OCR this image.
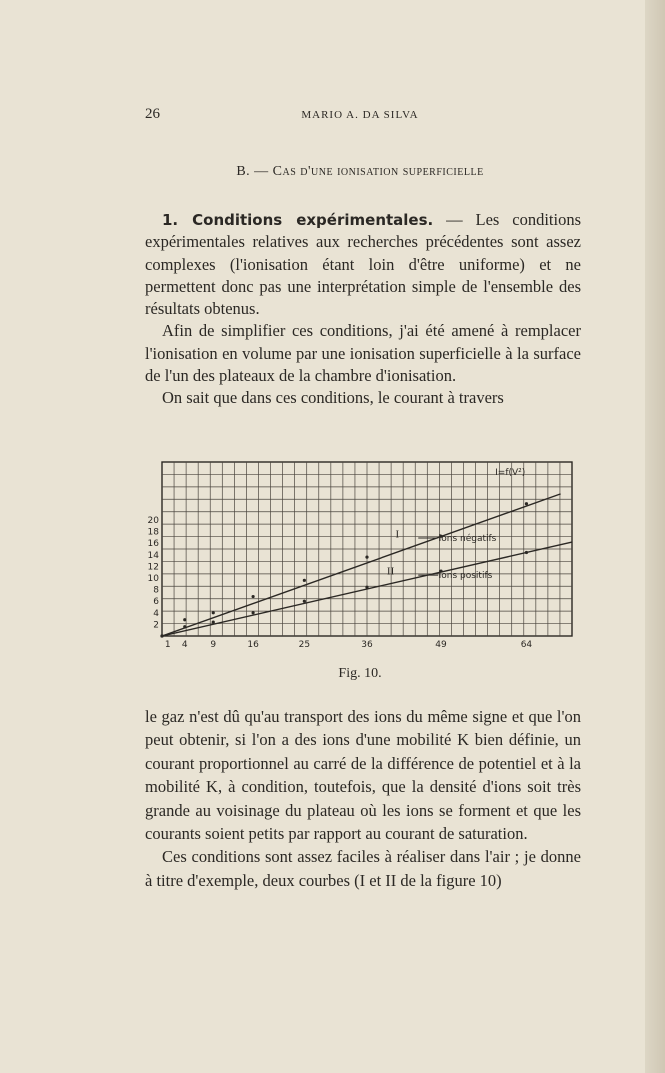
26	MARIO A. DA SILVA
B. — Cas d'une ionisation superficielle

1. Conditions expérimentales. — Les conditions expérimentales relatives aux recherches précédentes sont assez complexes (l'ionisation étant loin d'être uniforme) et ne permettent donc pas une interprétation simple de l'ensemble des résultats obtenus.

Afin de simplifier ces conditions, j'ai été amené à remplacer l'ionisation en volume par une ionisation superficielle à la surface de l'un des plateaux de la chambre d'ionisation.

On sait que dans ces conditions, le courant à travers

1 4	9	16	25	36	49	64
2
4
6
8
10
12
14
16
18
20
I
II
ions négatifs
ions positifs
I=f(V²)
Fig. 10.

le gaz n'est dû qu'au transport des ions du même signe et que l'on peut obtenir, si l'on a des ions d'une mobilité K bien définie, un courant proportionnel au carré de la différence de potentiel et à la mobilité K, à condition, toutefois, que la densité d'ions soit très grande au voisinage du plateau où les ions se forment et que les courants soient petits par rapport au courant de saturation.

Ces conditions sont assez faciles à réaliser dans l'air ; je donne à titre d'exemple, deux courbes (I et II de la figure 10)
